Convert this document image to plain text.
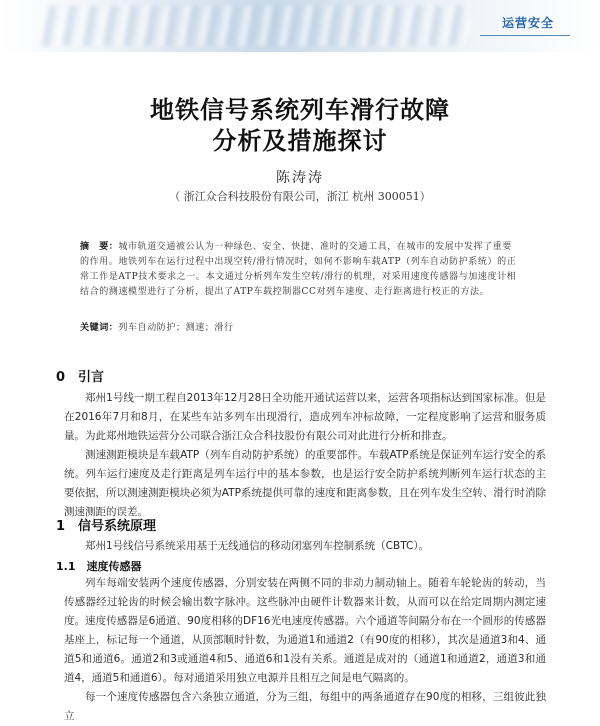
运营安全
地铁信号系统列车滑行故障
分析及措施探讨
陈涛涛
（ 浙江众合科技股份有限公司，浙江 杭州 300051）
摘　要：城市轨道交通被公认为一种绿色、安全、快捷、准时的交通工具，在城市的发展中发挥了重要的作用。地铁列车在运行过程中出现空转/滑行情况时，如何不影响车载ATP（列车自动防护系统）的正常工作是ATP技术要求之一。本文通过分析列车发生空转/滑行的机理，对采用速度传感器与加速度计相结合的测速模型进行了分析，提出了ATP车载控制器CC对列车速度、走行距离进行校正的方法。
关键词：列车自动防护；测速；滑行
0　引言
郑州1号线一期工程自2013年12月28日全功能开通试运营以来，运营各项指标达到国家标准。但是在2016年7月和8月，在某些车站多列车出现滑行，造成列车冲标故障，一定程度影响了运营和服务质量。为此郑州地铁运营分公司联合浙江众合科技股份有限公司对此进行分析和排查。
测速测距模块是车载ATP（列车自动防护系统）的重要部件。车载ATP系统是保证列车运行安全的系统。列车运行速度及走行距离是列车运行中的基本参数，也是运行安全防护系统判断列车运行状态的主要依据，所以测速测距模块必须为ATP系统提供可靠的速度和距离参数，且在列车发生空转、滑行时消除测速测距的误差。
1　信号系统原理
郑州1号线信号系统采用基于无线通信的移动闭塞列车控制系统（CBTC）。
1.1　速度传感器
列车每端安装两个速度传感器，分别安装在两侧不同的非动力制动轴上。随着车轮轮齿的转动，当传感器经过轮齿的时候会输出数字脉冲。这些脉冲由硬件计数器来计数，从而可以在给定周期内测定速度。 速度传感器是6通道、90度相移的DF16光电速度传感器。六个通道等间隔分布在一个圆形的传感器基座上，标记每一个通道，从顶部顺时针数，为通道1和通道2（有90度的相移），其次是通道3和4、通道5和通道6。通道2和3或通道4和5、通道6和1没有关系。通道是成对的（通道1和通道2，通道3和通道4，通道5和通道6）。每对通道采用独立电源并且相互之间是电气隔离的。
每一个速度传感器包含六条独立通道，分为三组，每组中的两条通道存在90度的相移，三组彼此独立
